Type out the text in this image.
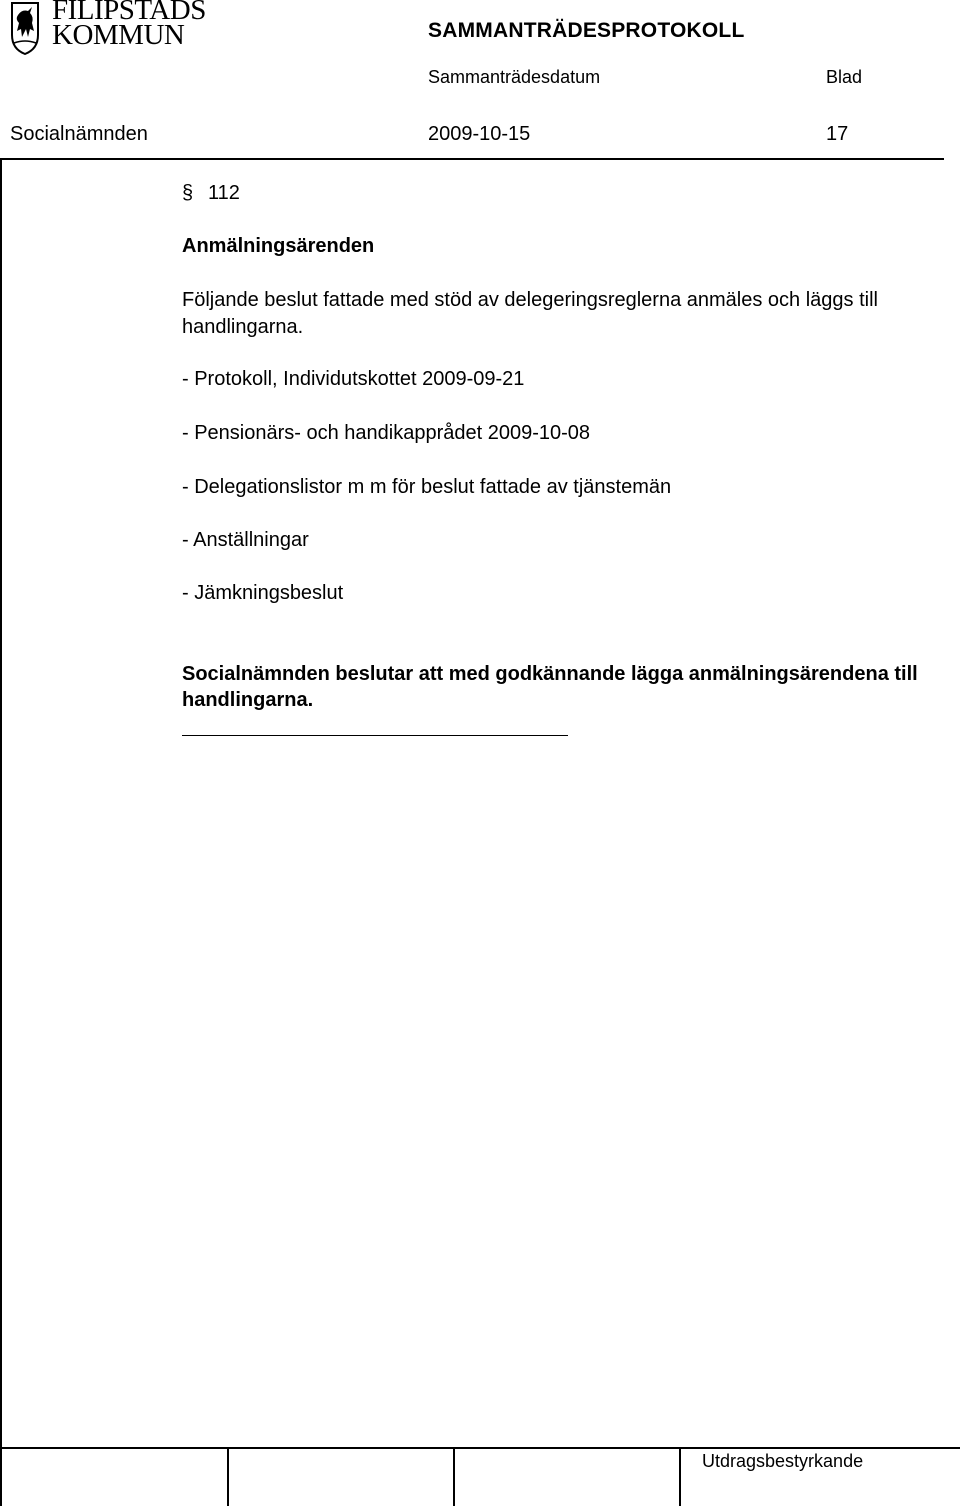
FILIPSTADS
KOMMUN	SAMMANTRÄDESPROTOKOLL
Sammanträdesdatum	Blad
Socialnämnden	2009-10-15	17
§ 112
Anmälningsärenden
Följande beslut fattade med stöd av delegeringsreglerna anmäles och läggs till handlingarna.
- Protokoll, Individutskottet 2009-09-21
- Pensionärs- och handikapprådet 2009-10-08
- Delegationslistor m m för beslut fattade av tjänstemän
- Anställningar
- Jämkningsbeslut
Socialnämnden beslutar att med godkännande lägga anmälningsärendena till handlingarna.
Utdragsbestyrkande
